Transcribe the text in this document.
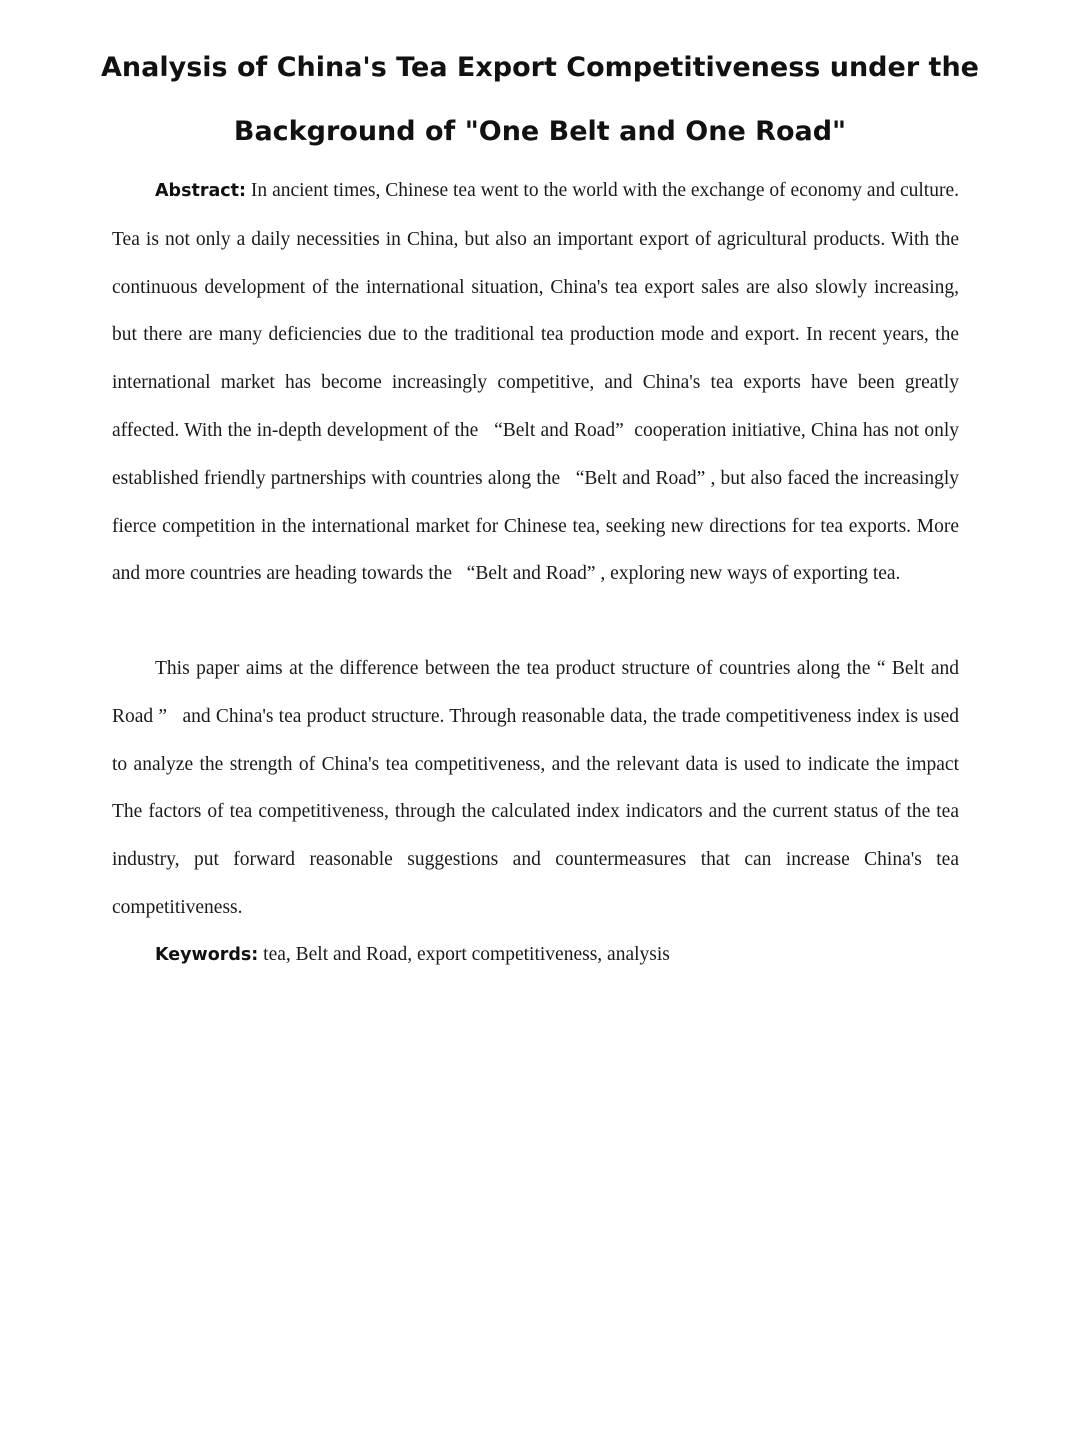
Analysis of China's Tea Export Competitiveness under the
Background of "One Belt and One Road"

Abstract: In ancient times, Chinese tea went to the world with the exchange of economy and culture. Tea is not only a daily necessities in China, but also an important export of agricultural products. With the continuous development of the international situation, China's tea export sales are also slowly increasing, but there are many deficiencies due to the traditional tea production mode and export. In recent years, the international market has become increasingly competitive, and China's tea exports have been greatly affected. With the in-depth development of the   “Belt and Road”  cooperation initiative, China has not only established friendly partnerships with countries along the   “Belt and Road” , but also faced the increasingly fierce competition in the international market for Chinese tea, seeking new directions for tea exports. More and more countries are heading towards the   “Belt and Road” , exploring new ways of exporting tea.

This paper aims at the difference between the tea product structure of countries along the “ Belt and Road ”   and China's tea product structure. Through reasonable data, the trade competitiveness index is used to analyze the strength of China's tea competitiveness, and the relevant data is used to indicate the impact The factors of tea competitiveness, through the calculated index indicators and the current status of the tea industry, put forward reasonable suggestions and countermeasures that can increase China's tea competitiveness.

Keywords: tea, Belt and Road, export competitiveness, analysis
